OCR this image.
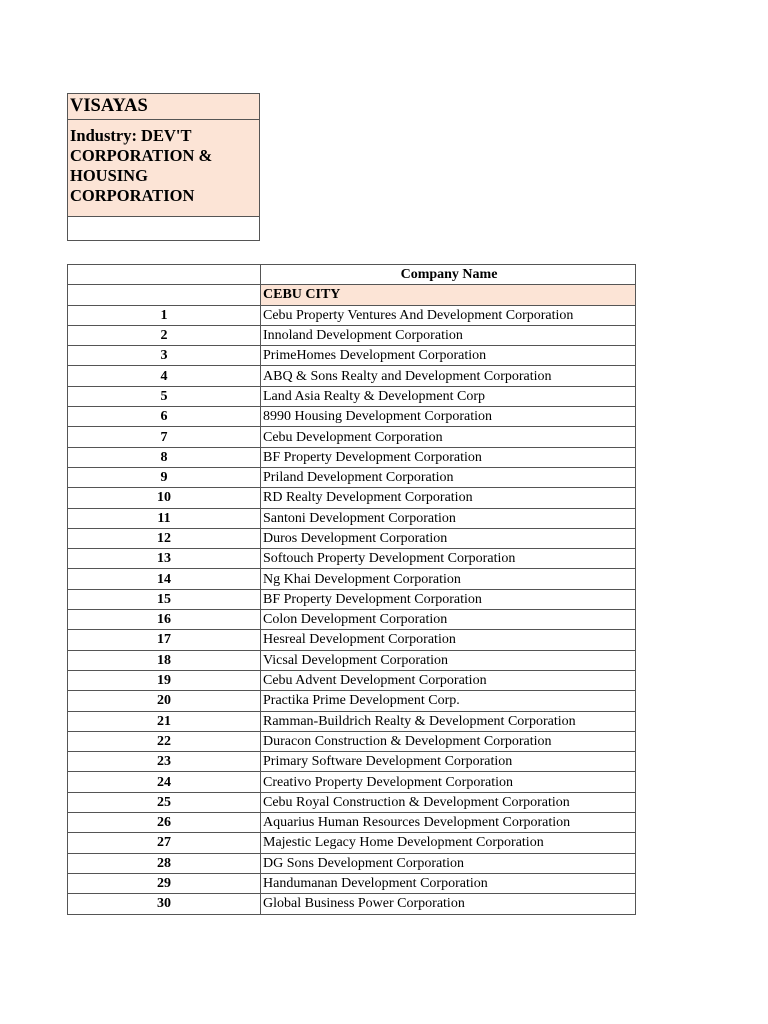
VISAYAS
Industry: DEV'T
CORPORATION &
HOUSING
CORPORATION
	Company Name
	CEBU CITY
1	Cebu Property Ventures And Development Corporation
2	Innoland Development Corporation
3	PrimeHomes Development Corporation
4	ABQ & Sons Realty and Development Corporation
5	Land Asia Realty & Development Corp
6	8990 Housing Development Corporation
7	Cebu Development Corporation
8	BF Property Development Corporation
9	Priland Development Corporation
10	RD Realty Development Corporation
11	Santoni Development Corporation
12	Duros Development Corporation
13	Softouch Property Development Corporation
14	Ng Khai Development Corporation
15	BF Property Development Corporation
16	Colon Development Corporation
17	Hesreal Development Corporation
18	Vicsal Development Corporation
19	Cebu Advent Development Corporation
20	Practika Prime Development Corp.
21	Ramman-Buildrich Realty & Development Corporation
22	Duracon Construction & Development Corporation
23	Primary Software Development Corporation
24	Creativo Property Development Corporation
25	Cebu Royal Construction & Development Corporation
26	Aquarius Human Resources Development Corporation
27	Majestic Legacy Home Development Corporation
28	DG Sons Development Corporation
29	Handumanan Development Corporation
30	Global Business Power Corporation
